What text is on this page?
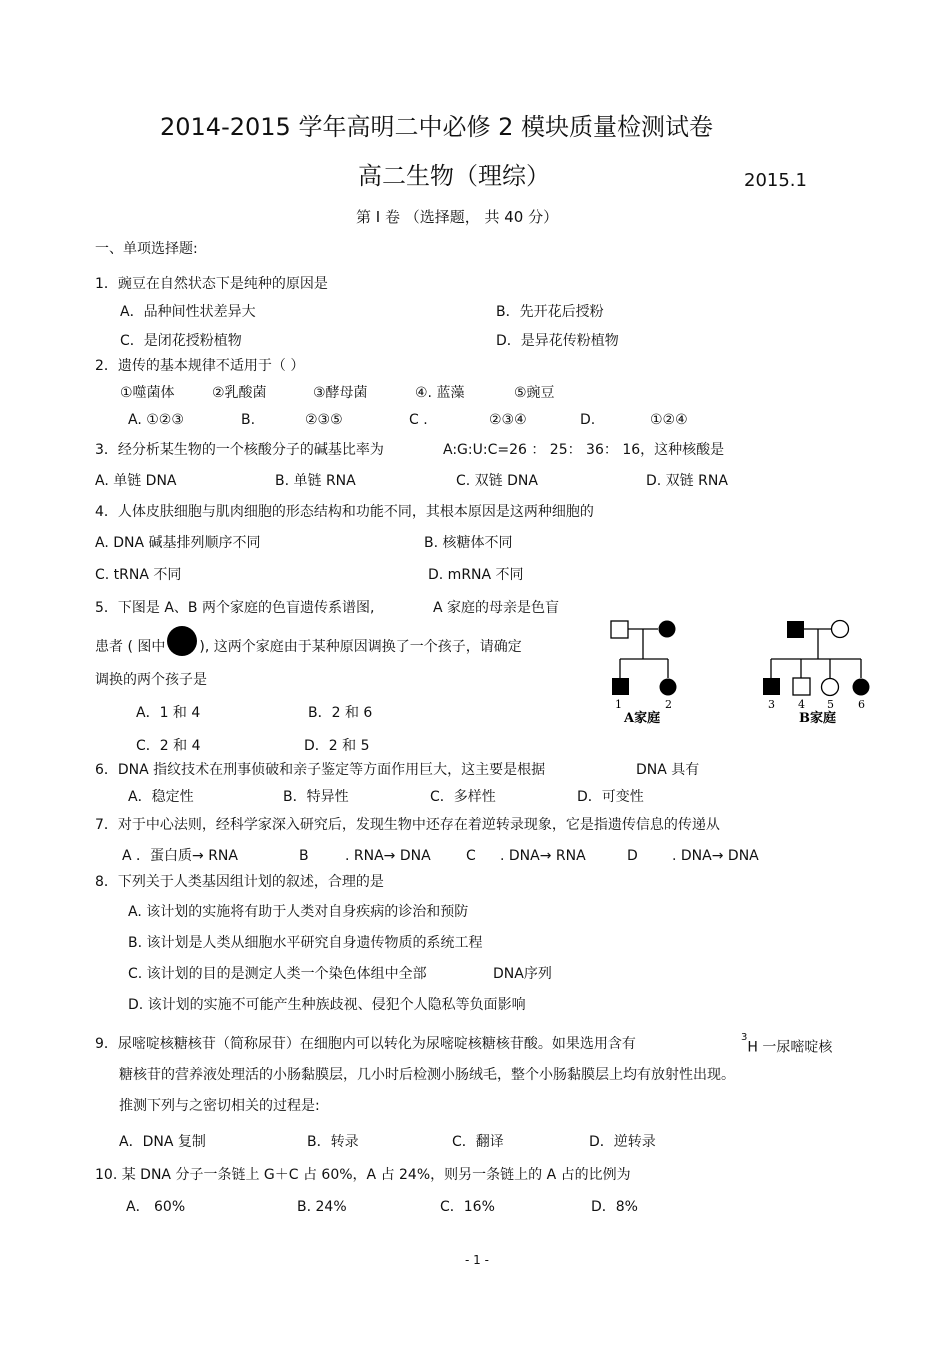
2014-2015 学年高明二中必修 2 模块质量检测试卷
高二生物（理综）	2015.1
第 I 卷 （选择题， 共 40 分）
一、单项选择题:
1．豌豆在自然状态下是纯种的原因是
A．品种间性状差异大	B．先开花后授粉
C．是闭花授粉植物	D．是异花传粉植物
2．遗传的基本规律不适用于（ ）
①噬菌体	②乳酸菌	③酵母菌	④. 蓝藻	⑤豌豆
A. ①②③	B.	②③⑤	C .	②③④	D.	①②④
3．经分析某生物的一个核酸分子的碱基比率为	A:G:U:C=26 ： 25： 36： 16，这种核酸是
A. 单链 DNA	B. 单链 RNA	C. 双链 DNA	D. 双链 RNA
4．人体皮肤细胞与肌肉细胞的形态结构和功能不同，其根本原因是这两种细胞的
A. DNA 碱基排列顺序不同	B. 核糖体不同
C. tRNA 不同	D. mRNA 不同
5．下图是 A、B 两个家庭的色盲遗传系谱图,	A 家庭的母亲是色盲
患者 ( 图中 ), 这两个家庭由于某种原因调换了一个孩子，请确定
调换的两个孩子是
A．1 和 4	B．2 和 6
C．2 和 4	D．2 和 5
1	2	3 4 5 6
A家庭	B家庭
6．DNA 指纹技术在刑事侦破和亲子鉴定等方面作用巨大，这主要是根据	DNA 具有
A．稳定性	B．特异性	C．多样性	D．可变性
7．对于中心法则，经科学家深入研究后，发现生物中还存在着逆转录现象，它是指遗传信息的传递从
A ．蛋白质→ RNA	B	. RNA→ DNA	C . DNA→ RNA	D . DNA→ DNA
8．下列关于人类基因组计划的叙述，合理的是
A. 该计划的实施将有助于人类对自身疾病的诊治和预防
B. 该计划是人类从细胞水平研究自身遗传物质的系统工程
C. 该计划的目的是测定人类一个染色体组中全部	DNA序列
D. 该计划的实施不可能产生种族歧视、侵犯个人隐私等负面影响
9．尿嘧啶核糖核苷（简称尿苷）在细胞内可以转化为尿嘧啶核糖核苷酸。如果选用含有	$^3$H 一尿嘧啶核
糖核苷的营养液处理活的小肠黏膜层，几小时后检测小肠绒毛，整个小肠黏膜层上均有放射性出现。
推测下列与之密切相关的过程是:
A．DNA 复制	B．转录	C．翻译	D．逆转录
10. 某 DNA 分子一条链上 G＋C 占 60%，A 占 24%，则另一条链上的 A 占的比例为
A． 60%	B. 24%	C．16%	D．8%
- 1 -
